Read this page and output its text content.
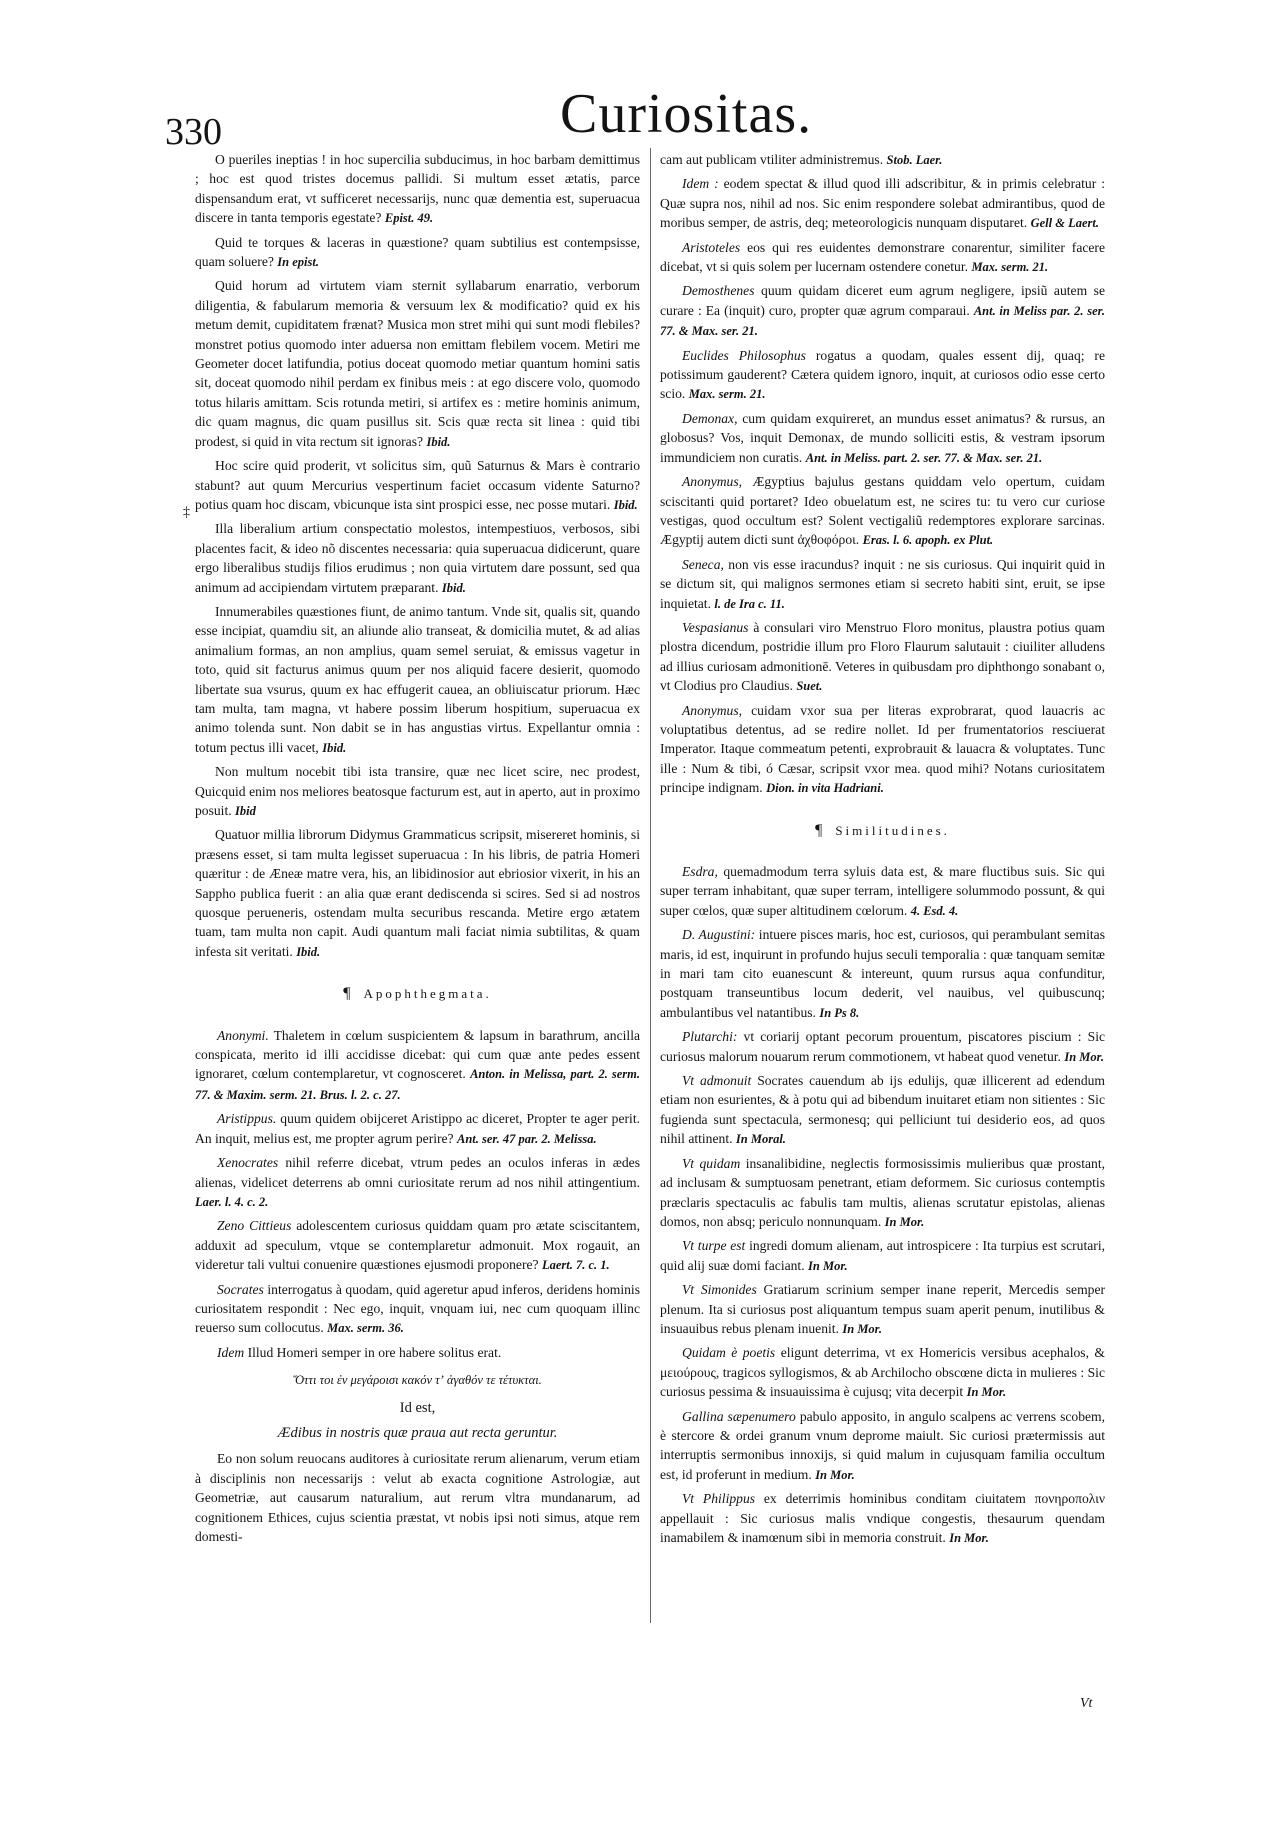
330	Curiositas.
‡

O pueriles ineptias ! in hoc supercilia subducimus, in hoc barbam demittimus ; hoc est quod tristes docemus pallidi. Si multum esset ætatis, parce dispensandum erat, vt sufficeret necessarijs, nunc quæ dementia est, superuacua discere in tanta temporis egestate? Epist. 49.

Quid te torques & laceras in quæstione? quam subtilius est contempsisse, quam soluere? In epist.

Quid horum ad virtutem viam sternit syllabarum enarratio, verborum diligentia, & fabularum memoria & versuum lex & modificatio? quid ex his metum demit, cupiditatem frænat? Musica mon stret mihi qui sunt modi flebiles? monstret potius quomodo inter aduersa non emittam flebilem vocem. Metiri me Geometer docet latifundia, potius doceat quomodo metiar quantum homini satis sit, doceat quomodo nihil perdam ex finibus meis : at ego discere volo, quomodo totus hilaris amittam. Scis rotunda metiri, si artifex es : metire hominis animum, dic quam magnus, dic quam pusillus sit. Scis quæ recta sit linea : quid tibi prodest, si quid in vita rectum sit ignoras? Ibid.

Hoc scire quid proderit, vt solicitus sim, quũ Saturnus & Mars è contrario stabunt? aut quum Mercurius vespertinum faciet occasum vidente Saturno? potius quam hoc discam, vbicunque ista sint prospici esse, nec posse mutari. Ibid.

Illa liberalium artium conspectatio molestos, intempestiuos, verbosos, sibi placentes facit, & ideo nõ discentes necessaria: quia superuacua didicerunt, quare ergo liberalibus studijs filios erudimus ; non quia virtutem dare possunt, sed qua animum ad accipiendam virtutem præparant. Ibid.

Innumerabiles quæstiones fiunt, de animo tantum. Vnde sit, qualis sit, quando esse incipiat, quamdiu sit, an aliunde alio transeat, & domicilia mutet, & ad alias animalium formas, an non amplius, quam semel seruiat, & emissus vagetur in toto, quid sit facturus animus quum per nos aliquid facere desierit, quomodo libertate sua vsurus, quum ex hac effugerit cauea, an obliuiscatur priorum. Hæc tam multa, tam magna, vt habere possim liberum hospitium, superuacua ex animo tolenda sunt. Non dabit se in has angustias virtus. Expellantur omnia : totum pectus illi vacet, Ibid.

Non multum nocebit tibi ista transire, quæ nec licet scire, nec prodest, Quicquid enim nos meliores beatosque facturum est, aut in aperto, aut in proximo posuit. Ibid

Quatuor millia librorum Didymus Grammaticus scripsit, misereret hominis, si præsens esset, si tam multa legisset superuacua : In his libris, de patria Homeri quæritur : de Æneæ matre vera, his, an libidinosior aut ebriosior vixerit, in his an Sappho publica fuerit : an alia quæ erant dediscenda si scires. Sed si ad nostros quosque perueneris, ostendam multa securibus rescanda. Metire ergo ætatem tuam, tam multa non capit. Audi quantum mali faciat nimia subtilitas, & quam infesta sit veritati. Ibid.

¶ Apophthegmata.

Anonymi. Thaletem in cœlum suspicientem & lapsum in barathrum, ancilla conspicata, merito id illi accidisse dicebat: qui cum quæ ante pedes essent ignoraret, cœlum contemplaretur, vt cognosceret. Anton. in Melissa, part. 2. serm. 77. & Maxim. serm. 21. Brus. l. 2. c. 27.

Aristippus. quum quidem obijceret Aristippo ac diceret, Propter te ager perit. An inquit, melius est, me propter agrum perire? Ant. ser. 47 par. 2. Melissa.

Xenocrates nihil referre dicebat, vtrum pedes an oculos inferas in ædes alienas, videlicet deterrens ab omni curiositate rerum ad nos nihil attingentium. Laer. l. 4. c. 2.

Zeno Cittieus adolescentem curiosus quiddam quam pro ætate sciscitantem, adduxit ad speculum, vtque se contemplaretur admonuit. Mox rogauit, an videretur tali vultui conuenire quæstiones ejusmodi proponere? Laert. 7. c. 1.

Socrates interrogatus à quodam, quid ageretur apud inferos, deridens hominis curiositatem respondit : Nec ego, inquit, vnquam iui, nec cum quoquam illinc reuerso sum collocutus. Max. serm. 36.

Idem Illud Homeri semper in ore habere solitus erat.

Ὅττι τοι ἐν μεγάροισι κακόν τʼ ἀγαθόν τε τέτυκται.
Id est,
Ædibus in nostris quæ praua aut recta geruntur.

Eo non solum reuocans auditores à curiositate rerum alienarum, verum etiam à disciplinis non necessarijs : velut ab exacta cognitione Astrologiæ, aut Geometriæ, aut causarum naturalium, aut rerum vltra mundanarum, ad cognitionem Ethices, cujus scientia præstat, vt nobis ipsi noti simus, atque rem domesti-

cam aut publicam vtiliter administremus. Stob. Laer.

Idem : eodem spectat & illud quod illi adscribitur, & in primis celebratur : Quæ supra nos, nihil ad nos. Sic enim respondere solebat admirantibus, quod de moribus semper, de astris, deq; meteorologicis nunquam disputaret. Gell & Laert.

Aristoteles eos qui res euidentes demonstrare conarentur, similiter facere dicebat, vt si quis solem per lucernam ostendere conetur. Max. serm. 21.

Demosthenes quum quidam diceret eum agrum negligere, ipsiũ autem se curare : Ea (inquit) curo, propter quæ agrum comparaui. Ant. in Meliss par. 2. ser. 77. & Max. ser. 21.

Euclides Philosophus rogatus a quodam, quales essent dij, quaq; re potissimum gauderent? Cætera quidem ignoro, inquit, at curiosos odio esse certo scio. Max. serm. 21.

Demonax, cum quidam exquireret, an mundus esset animatus? & rursus, an globosus? Vos, inquit Demonax, de mundo solliciti estis, & vestram ipsorum immundiciem non curatis. Ant. in Meliss. part. 2. ser. 77. & Max. ser. 21.

Anonymus, Ægyptius bajulus gestans quiddam velo opertum, cuidam sciscitanti quid portaret? Ideo obuelatum est, ne scires tu: tu vero cur curiose vestigas, quod occultum est? Solent vectigaliũ redemptores explorare sarcinas. Ægyptij autem dicti sunt ἀχθοφόροι. Eras. l. 6. apoph. ex Plut.

Seneca, non vis esse iracundus? inquit : ne sis curiosus. Qui inquirit quid in se dictum sit, qui malignos sermones etiam si secreto habiti sint, eruit, se ipse inquietat. l. de Ira c. 11.

Vespasianus à consulari viro Menstruo Floro monitus, plaustra potius quam plostra dicendum, postridie illum pro Floro Flaurum salutauit : ciuiliter alludens ad illius curiosam admonitionē. Veteres in quibusdam pro diphthongo sonabant o, vt Clodius pro Claudius. Suet.

Anonymus, cuidam vxor sua per literas exprobrarat, quod lauacris ac voluptatibus detentus, ad se redire nollet. Id per frumentatorios resciuerat Imperator. Itaque commeatum petenti, exprobrauit & lauacra & voluptates. Tunc ille : Num & tibi, ó Cæsar, scripsit vxor mea. quod mihi? Notans curiositatem principe indignam. Dion. in vita Hadriani.

¶ Similitudines.

Esdra, quemadmodum terra syluis data est, & mare fluctibus suis. Sic qui super terram inhabitant, quæ super terram, intelligere solummodo possunt, & qui super cœlos, quæ super altitudinem cœlorum. 4. Esd. 4.

D. Augustini: intuere pisces maris, hoc est, curiosos, qui perambulant semitas maris, id est, inquirunt in profundo hujus seculi temporalia : quæ tanquam semitæ in mari tam cito euanescunt & intereunt, quum rursus aqua confunditur, postquam transeuntibus locum dederit, vel nauibus, vel quibuscunq; ambulantibus vel natantibus. In Ps 8.

Plutarchi: vt coriarij optant pecorum prouentum, piscatores piscium : Sic curiosus malorum nouarum rerum commotionem, vt habeat quod venetur. In Mor.

Vt admonuit Socrates cauendum ab ijs edulijs, quæ illicerent ad edendum etiam non esurientes, & à potu qui ad bibendum inuitaret etiam non sitientes : Sic fugienda sunt spectacula, sermonesq; qui pelliciunt tui desiderio eos, ad quos nihil attinent. In Moral.

Vt quidam insanalibidine, neglectis formosissimis mulieribus quæ prostant, ad inclusam & sumptuosam penetrant, etiam deformem. Sic curiosus contemptis præclaris spectaculis ac fabulis tam multis, alienas scrutatur epistolas, alienas domos, non absq; periculo nonnunquam. In Mor.

Vt turpe est ingredi domum alienam, aut introspicere : Ita turpius est scrutari, quid alij suæ domi faciant. In Mor.

Vt Simonides Gratiarum scrinium semper inane reperit, Mercedis semper plenum. Ita si curiosus post aliquantum tempus suam aperit penum, inutilibus & insuauibus rebus plenam inuenit. In Mor.

Quidam è poetis eligunt deterrima, vt ex Homericis versibus acephalos, & μειούρους, tragicos syllogismos, & ab Archilocho obscœne dicta in mulieres : Sic curiosus pessima & insuauissima è cujusq; vita decerpit In Mor.

Gallina sæpenumero pabulo apposito, in angulo scalpens ac verrens scobem, è stercore & ordei granum vnum deprome maiult. Sic curiosi prætermissis aut interruptis sermonibus innoxijs, si quid malum in cujusquam familia occultum est, id proferunt in medium. In Mor.

Vt Philippus ex deterrimis hominibus conditam ciuitatem πονηροπολιν appellauit : Sic curiosus malis vndique congestis, thesaurum quendam inamabilem & inamœnum sibi in memoria construit. In Mor.

Vt
